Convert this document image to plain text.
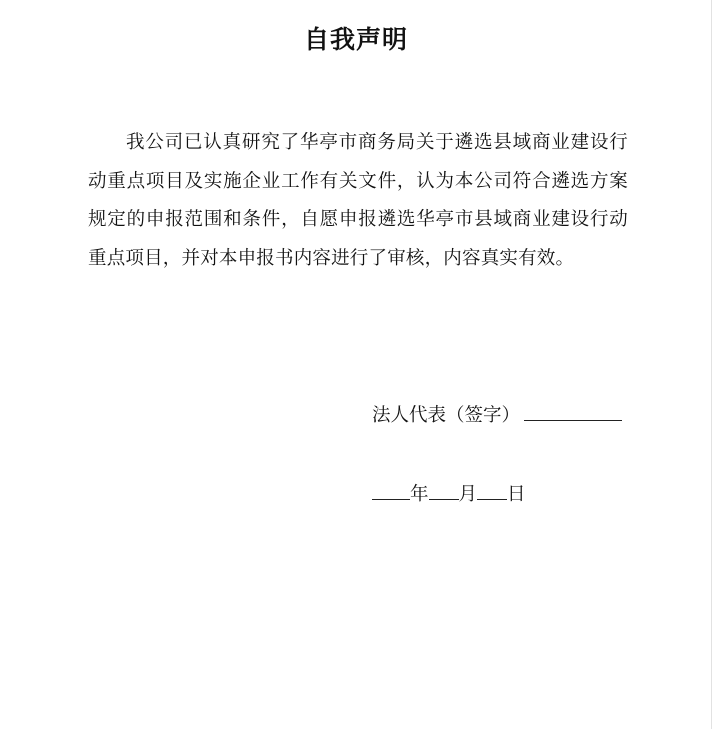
自我声明

我公司已认真研究了华亭市商务局关于遴选县域商业建设行动重点项目及实施企业工作有关文件，认为本公司符合遴选方案规定的申报范围和条件，自愿申报遴选华亭市县域商业建设行动重点项目，并对本申报书内容进行了审核，内容真实有效。

法人代表（签字）
年 月 日
